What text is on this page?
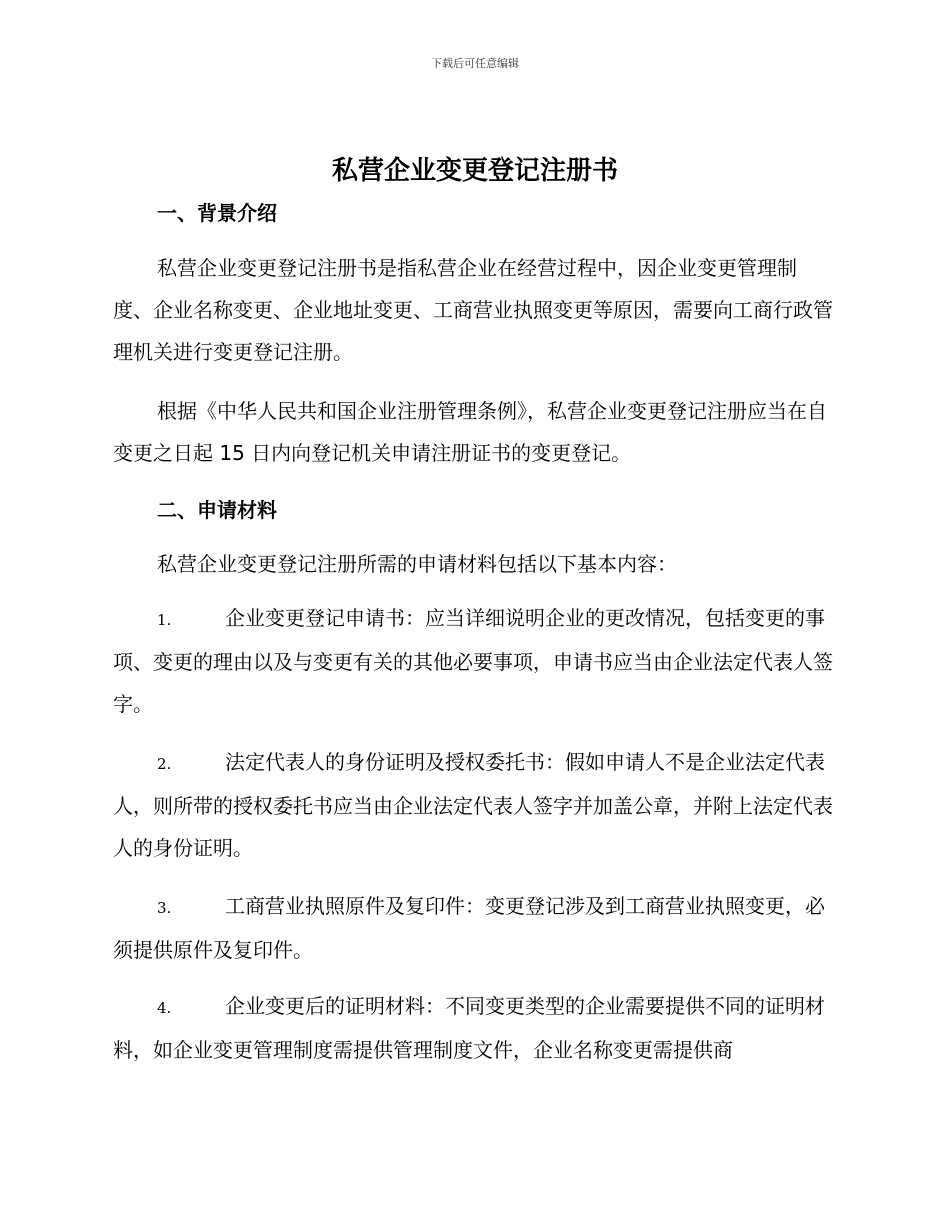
下载后可任意编辑
私营企业变更登记注册书
一、背景介绍

私营企业变更登记注册书是指私营企业在经营过程中，因企业变更管理制度、企业名称变更、企业地址变更、工商营业执照变更等原因，需要向工商行政管理机关进行变更登记注册。

根据《中华人民共和国企业注册管理条例》，私营企业变更登记注册应当在自变更之日起 15 日内向登记机关申请注册证书的变更登记。

二、申请材料

私营企业变更登记注册所需的申请材料包括以下基本内容：

1.	企业变更登记申请书：应当详细说明企业的更改情况，包括变更的事项、变更的理由以及与变更有关的其他必要事项，申请书应当由企业法定代表人签字。

2.	法定代表人的身份证明及授权委托书：假如申请人不是企业法定代表人，则所带的授权委托书应当由企业法定代表人签字并加盖公章，并附上法定代表人的身份证明。

3.	工商营业执照原件及复印件：变更登记涉及到工商营业执照变更，必须提供原件及复印件。

4.	企业变更后的证明材料：不同变更类型的企业需要提供不同的证明材料，如企业变更管理制度需提供管理制度文件，企业名称变更需提供商
